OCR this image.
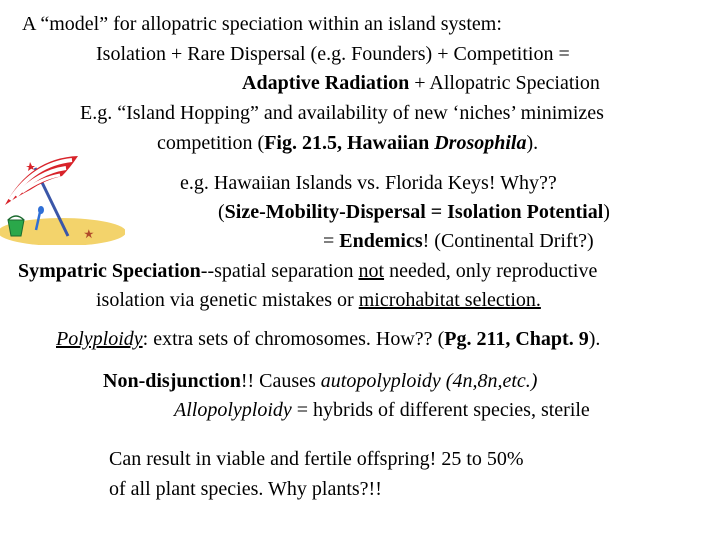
A “model” for allopatric speciation within an island system:
Isolation + Rare Dispersal (e.g. Founders) + Competition =
Adaptive Radiation + Allopatric Speciation
E.g. “Island Hopping” and availability of new ‘niches’ minimizes
competition (Fig. 21.5, Hawaiian Drosophila).
e.g. Hawaiian Islands vs. Florida Keys! Why??
(Size-Mobility-Dispersal = Isolation Potential)
= Endemics! (Continental Drift?)
Sympatric Speciation--spatial separation not needed, only reproductive
isolation via genetic mistakes or microhabitat selection.
Polyploidy: extra sets of chromosomes. How?? (Pg. 211, Chapt. 9).
Non-disjunction!! Causes autopolyploidy (4n,8n,etc.)
Allopolyploidy = hybrids of different species, sterile
Can result in viable and fertile offspring! 25 to 50%
of all plant species. Why plants?!!
